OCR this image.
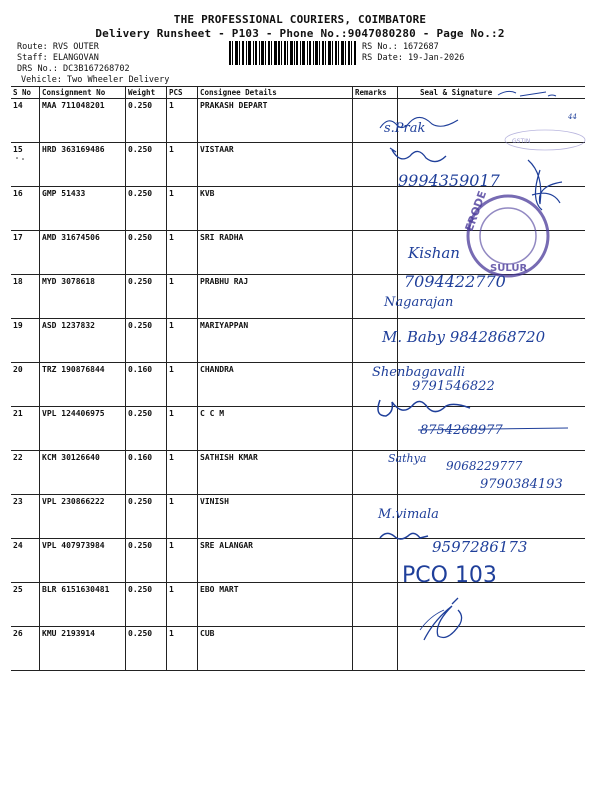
THE PROFESSIONAL COURIERS, COIMBATORE
Delivery Runsheet - P103 - Phone No.:9047080280 - Page No.:2
Route: RVS OUTER
Staff: ELANGOVAN
DRS No.: DC3B167268702
Vehicle: Two Wheeler Delivery
RS No.: 1672687
RS Date: 19-Jan-2026
S No	Consignment No	Weight	PCS	Consignee Details	Remarks	Seal & Signature
14	MAA 711048201	0.250	1	PRAKASH DEPART		
15	HRD 363169486	0.250	1	VISTAAR		
16	GMP 51433	0.250	1	KVB		
17	AMD 31674506	0.250	1	SRI RADHA		
18	MYD 3078618	0.250	1	PRABHU RAJ		
19	ASD 1237832	0.250	1	MARIYAPPAN		
20	TRZ 190876844	0.160	1	CHANDRA		
21	VPL 124406975	0.250	1	C C M		
22	KCM 30126640	0.160	1	SATHISH KMAR		
23	VPL 230866222	0.250	1	VINISH		
24	VPL 407973984	0.250	1	SRE ALANGAR		
25	BLR 6151630481	0.250	1	EBO MART		
26	KMU 2193914	0.250	1	CUB		
44
s.Prak
GSTIN
9994359017
ERODE
SULUR
Kishan
7094422770
Nagarajan
M. Baby 9842868720
Shenbagavalli
9791546822
8754268977
Sathya
9068229777
9790384193
M.vimala
9597286173
PCO 103
